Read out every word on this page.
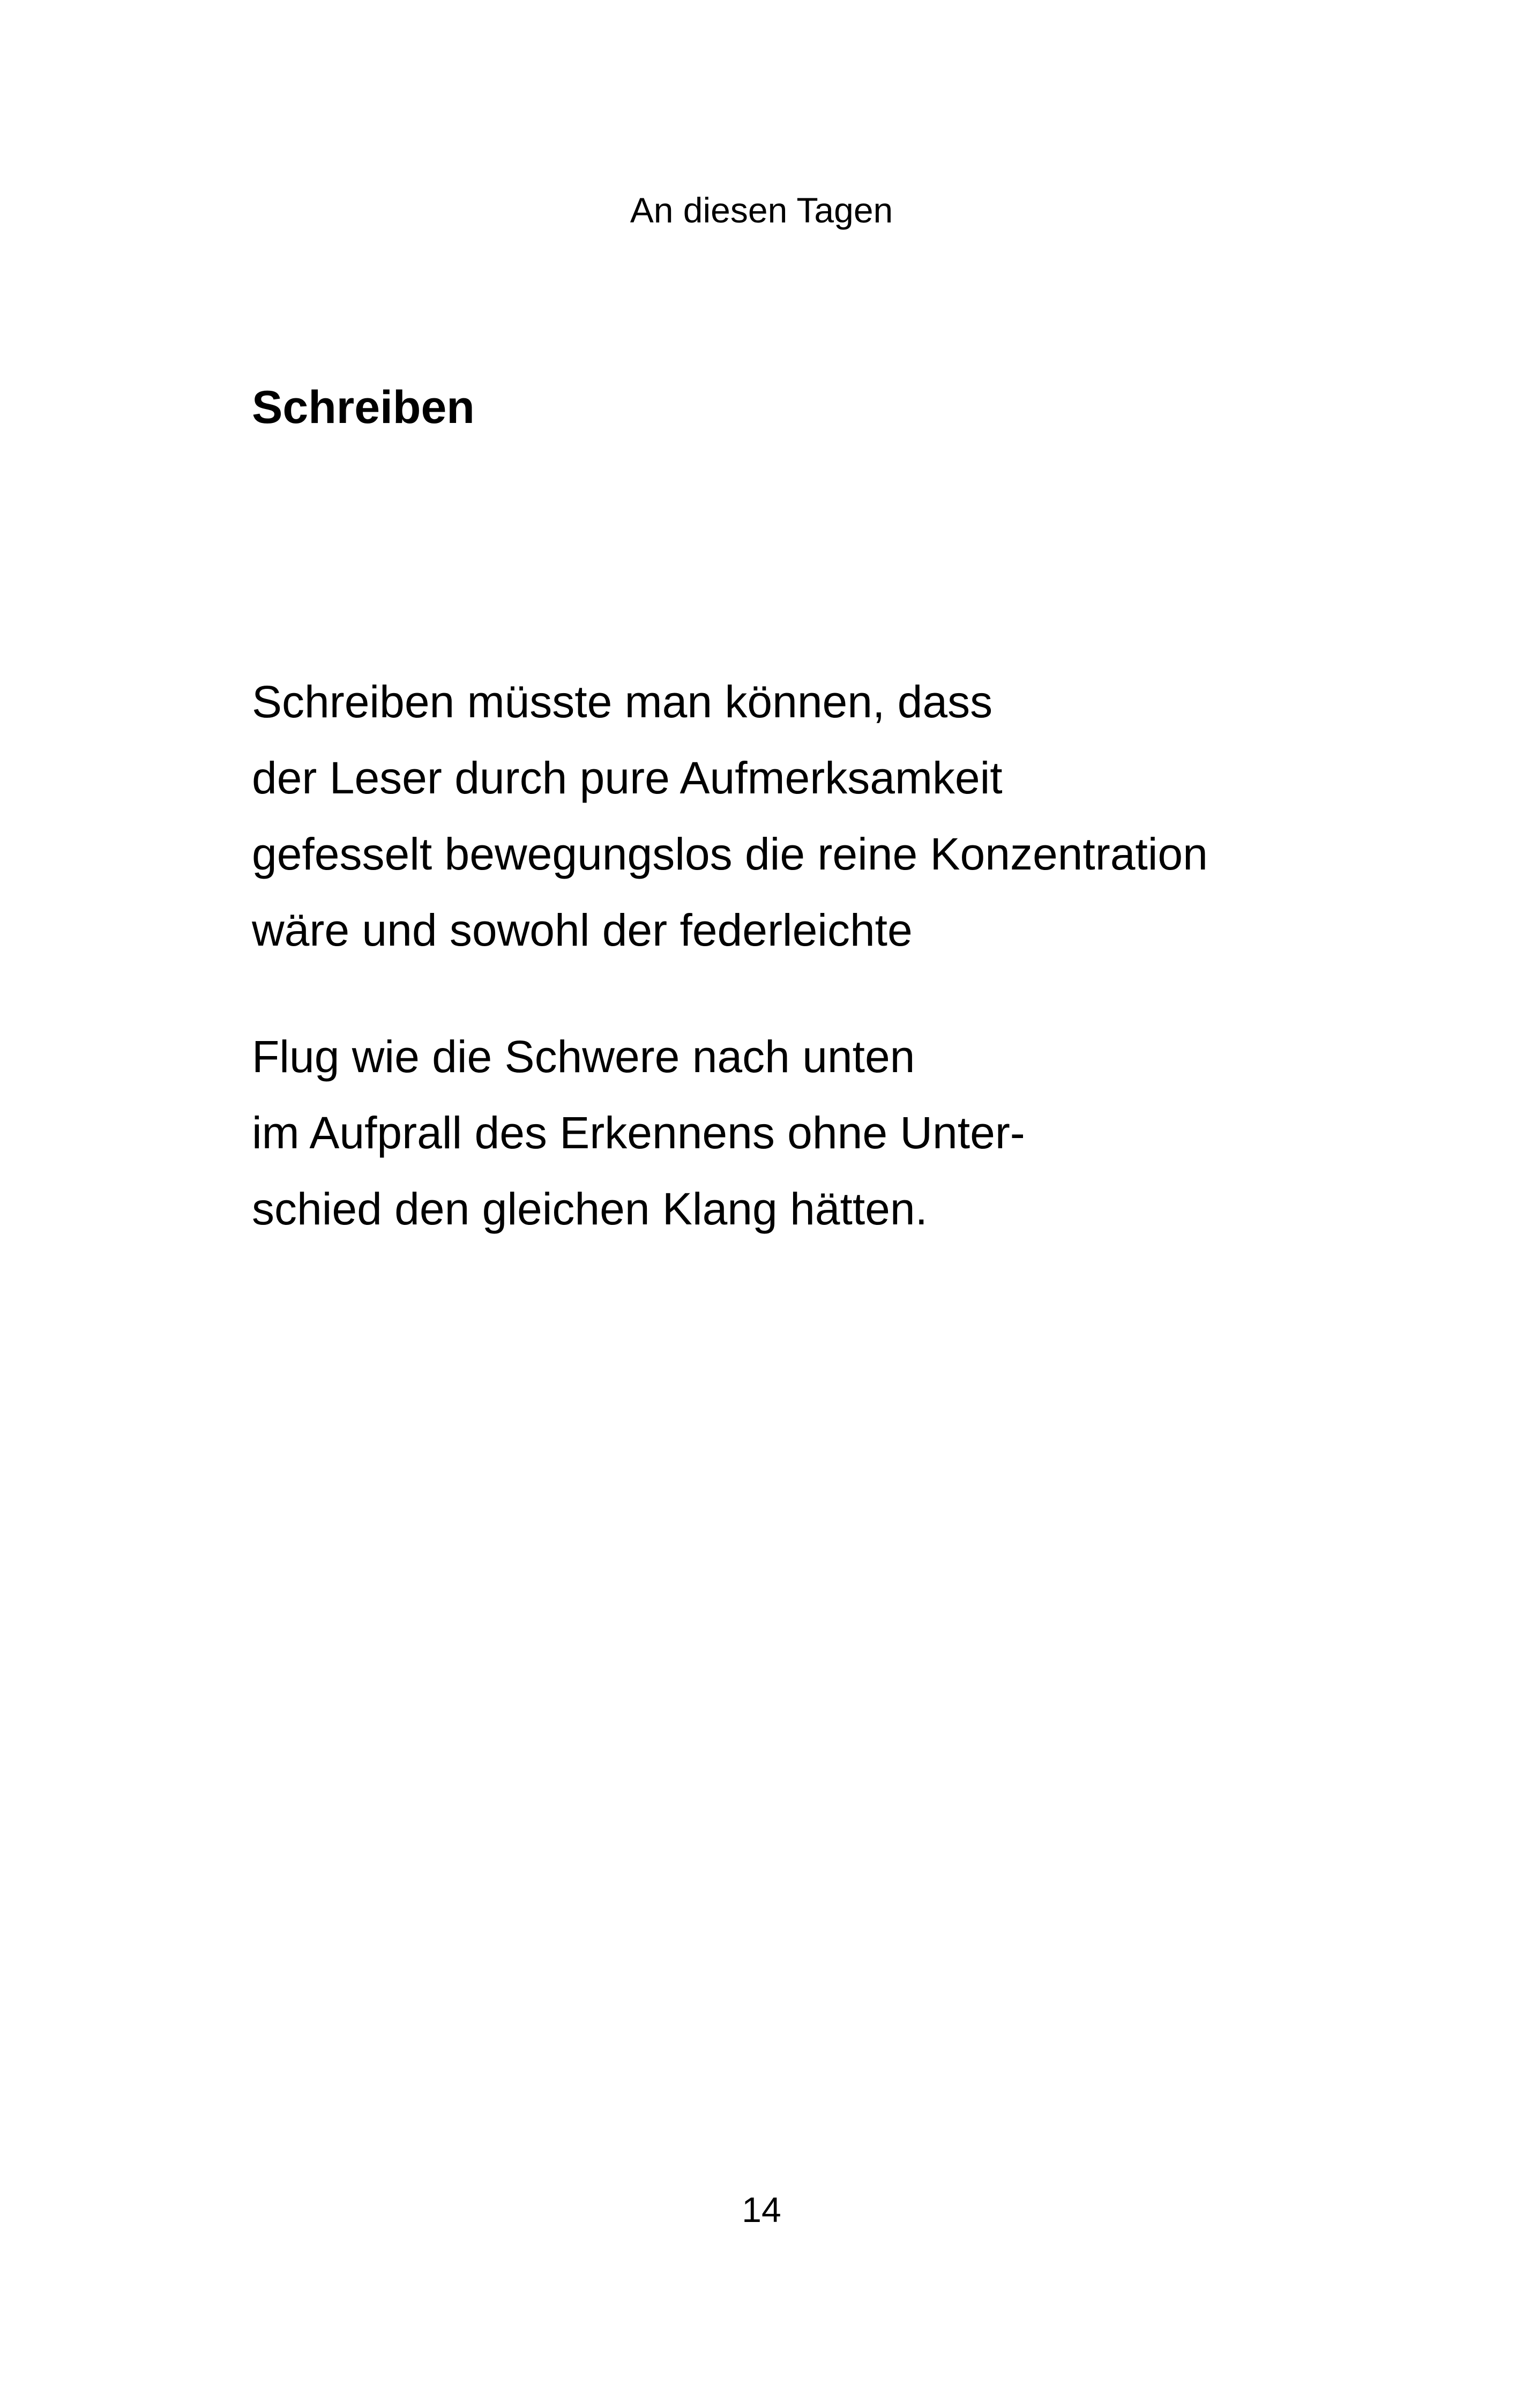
An diesen Tagen
Schreiben

Schreiben müsste man können, dass
der Leser durch pure Aufmerksamkeit
gefesselt bewegungslos die reine Konzentration
wäre und sowohl der federleichte

Flug wie die Schwere nach unten
im Aufprall des Erkennens ohne Unter-
schied den gleichen Klang hätten.

14
